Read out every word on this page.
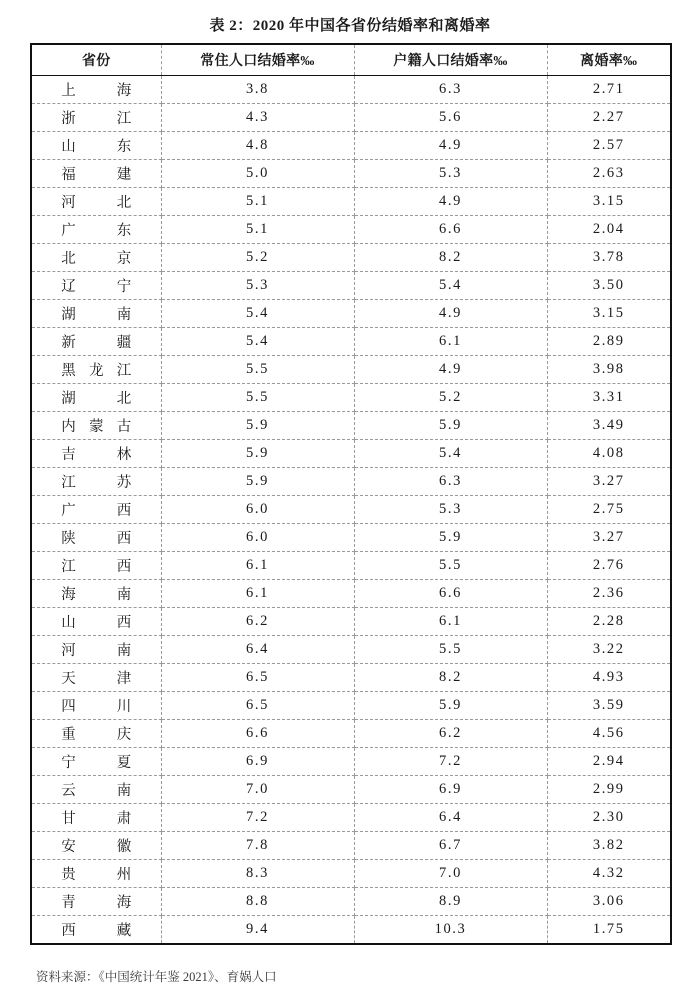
表 2：2020 年中国各省份结婚率和离婚率
省份	常住人口结婚率‰	户籍人口结婚率‰	离婚率‰
上 海	3.8	6.3	2.71
浙 江	4.3	5.6	2.27
山 东	4.8	4.9	2.57
福 建	5.0	5.3	2.63
河 北	5.1	4.9	3.15
广 东	5.1	6.6	2.04
北 京	5.2	8.2	3.78
辽 宁	5.3	5.4	3.50
湖 南	5.4	4.9	3.15
新 疆	5.4	6.1	2.89
黑龙江	5.5	4.9	3.98
湖 北	5.5	5.2	3.31
内蒙古	5.9	5.9	3.49
吉 林	5.9	5.4	4.08
江 苏	5.9	6.3	3.27
广 西	6.0	5.3	2.75
陕 西	6.0	5.9	3.27
江 西	6.1	5.5	2.76
海 南	6.1	6.6	2.36
山 西	6.2	6.1	2.28
河 南	6.4	5.5	3.22
天 津	6.5	8.2	4.93
四 川	6.5	5.9	3.59
重 庆	6.6	6.2	4.56
宁 夏	6.9	7.2	2.94
云 南	7.0	6.9	2.99
甘 肃	7.2	6.4	2.30
安 徽	7.8	6.7	3.82
贵 州	8.3	7.0	4.32
青 海	8.8	8.9	3.06
西 藏	9.4	10.3	1.75
资料来源：《中国统计年鉴 2021》、育娲人口
